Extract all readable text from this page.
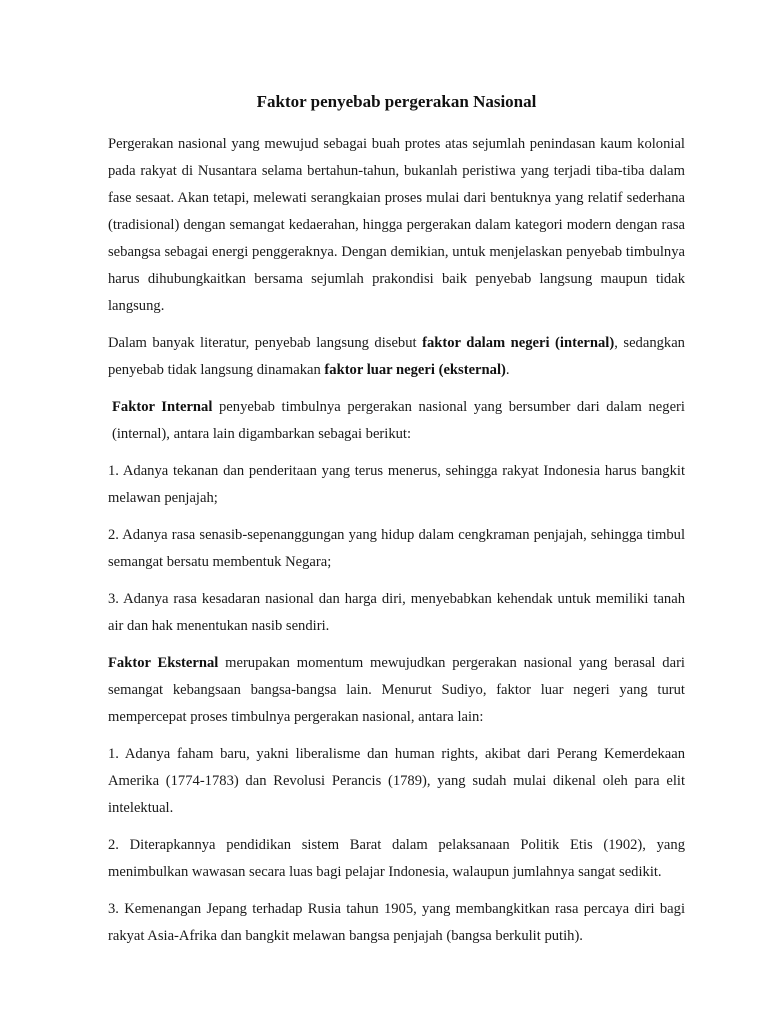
Faktor penyebab pergerakan Nasional

Pergerakan nasional yang mewujud sebagai buah protes atas sejumlah penindasan kaum kolonial pada rakyat di Nusantara selama bertahun-tahun, bukanlah peristiwa yang terjadi tiba-tiba dalam fase sesaat. Akan tetapi, melewati serangkaian proses mulai dari bentuknya yang relatif sederhana (tradisional) dengan semangat kedaerahan, hingga pergerakan dalam kategori modern dengan rasa sebangsa sebagai energi penggeraknya. Dengan demikian, untuk menjelaskan penyebab timbulnya harus dihubungkaitkan bersama sejumlah prakondisi baik penyebab langsung maupun tidak langsung.

Dalam banyak literatur, penyebab langsung disebut faktor dalam negeri (internal), sedangkan penyebab tidak langsung dinamakan faktor luar negeri (eksternal).

Faktor Internal penyebab timbulnya pergerakan nasional yang bersumber dari dalam negeri (internal), antara lain digambarkan sebagai berikut:

1. Adanya tekanan dan penderitaan yang terus menerus, sehingga rakyat Indonesia harus bangkit melawan penjajah;

2. Adanya rasa senasib-sepenanggungan yang hidup dalam cengkraman penjajah, sehingga timbul semangat bersatu membentuk Negara;

3. Adanya rasa kesadaran nasional dan harga diri, menyebabkan kehendak untuk memiliki tanah air dan hak menentukan nasib sendiri.

Faktor Eksternal merupakan momentum mewujudkan pergerakan nasional yang berasal dari semangat kebangsaan bangsa-bangsa lain. Menurut Sudiyo, faktor luar negeri yang turut mempercepat proses timbulnya pergerakan nasional, antara lain:

1. Adanya faham baru, yakni liberalisme dan human rights, akibat dari Perang Kemerdekaan Amerika (1774-1783) dan Revolusi Perancis (1789), yang sudah mulai dikenal oleh para elit intelektual.

2. Diterapkannya pendidikan sistem Barat dalam pelaksanaan Politik Etis (1902), yang menimbulkan wawasan secara luas bagi pelajar Indonesia, walaupun jumlahnya sangat sedikit.

3. Kemenangan Jepang terhadap Rusia tahun 1905, yang membangkitkan rasa percaya diri bagi rakyat Asia-Afrika dan bangkit melawan bangsa penjajah (bangsa berkulit putih).
